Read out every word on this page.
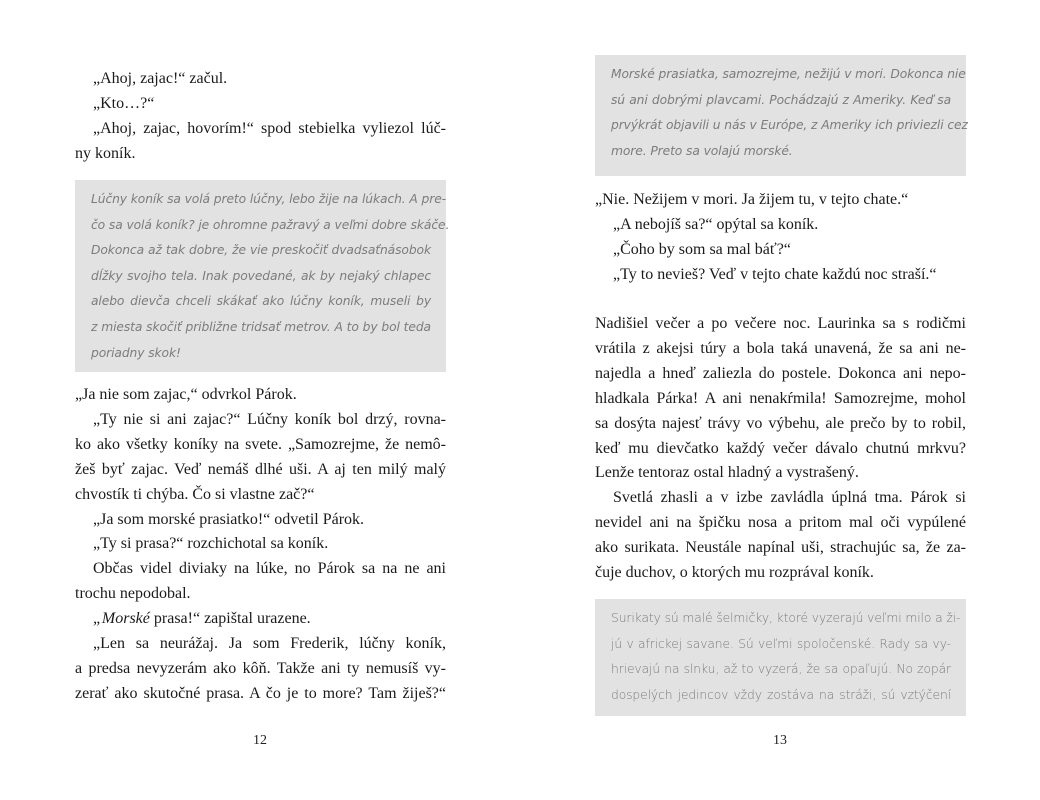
„Ahoj, zajac!“ začul.
„Kto…?“
„Ahoj, zajac, hovorím!“ spod stebielka vyliezol lúč-
ny koník.
Lúčny koník sa volá preto lúčny, lebo žije na lúkach. A pre-
čo sa volá koník? je ohromne pažravý a veľmi dobre skáče.
Dokonca až tak dobre, že vie preskočiť dvadsaťnásobok
dĺžky svojho tela. Inak povedané, ak by nejaký chlapec
alebo dievča chceli skákať ako lúčny koník, museli by
z miesta skočiť približne tridsať metrov. A to by bol teda
poriadny skok!
„Ja nie som zajac,“ odvrkol Párok.
„Ty nie si ani zajac?“ Lúčny koník bol drzý, rovna-
ko ako všetky koníky na svete. „Samozrejme, že nemô-
žeš byť zajac. Veď nemáš dlhé uši. A aj ten milý malý
chvostík ti chýba. Čo si vlastne zač?“
„Ja som morské prasiatko!“ odvetil Párok.
„Ty si prasa?“ rozchichotal sa koník.
Občas videl diviaky na lúke, no Párok sa na ne ani
trochu nepodobal.
„Morské prasa!“ zapištal urazene.
„Len sa neurážaj. Ja som Frederik, lúčny koník,
a predsa nevyzerám ako kôň. Takže ani ty nemusíš vy-
zerať ako skutočné prasa. A čo je to more? Tam žiješ?“
12
Morské prasiatka, samozrejme, nežijú v mori. Dokonca nie
sú ani dobrými plavcami. Pochádzajú z Ameriky. Keď sa
prvýkrát objavili u nás v Európe, z Ameriky ich priviezli cez
more. Preto sa volajú morské.
„Nie. Nežijem v mori. Ja žijem tu, v tejto chate.“
„A nebojíš sa?“ opýtal sa koník.
„Čoho by som sa mal báť?“
„Ty to nevieš? Veď v tejto chate každú noc straší.“
Nadišiel večer a po večere noc. Laurinka sa s rodičmi
vrátila z akejsi túry a bola taká unavená, že sa ani ne-
najedla a hneď zaliezla do postele. Dokonca ani nepo-
hladkala Párka! A ani nenakŕmila! Samozrejme, mohol
sa dosýta najesť trávy vo výbehu, ale prečo by to robil,
keď mu dievčatko každý večer dávalo chutnú mrkvu?
Lenže tentoraz ostal hladný a vystrašený.
Svetlá zhasli a v izbe zavládla úplná tma. Párok si
nevidel ani na špičku nosa a pritom mal oči vypúlené
ako surikata. Neustále napínal uši, strachujúc sa, že za-
čuje duchov, o ktorých mu rozprával koník.
Surikaty sú malé šelmičky, ktoré vyzerajú veľmi milo a ži-
jú v africkej savane. Sú veľmi spoločenské. Rady sa vy-
hrievajú na slnku, až to vyzerá, že sa opaľujú. No zopár
dospelých jedincov vždy zostáva na stráži, sú vztýčení
13
